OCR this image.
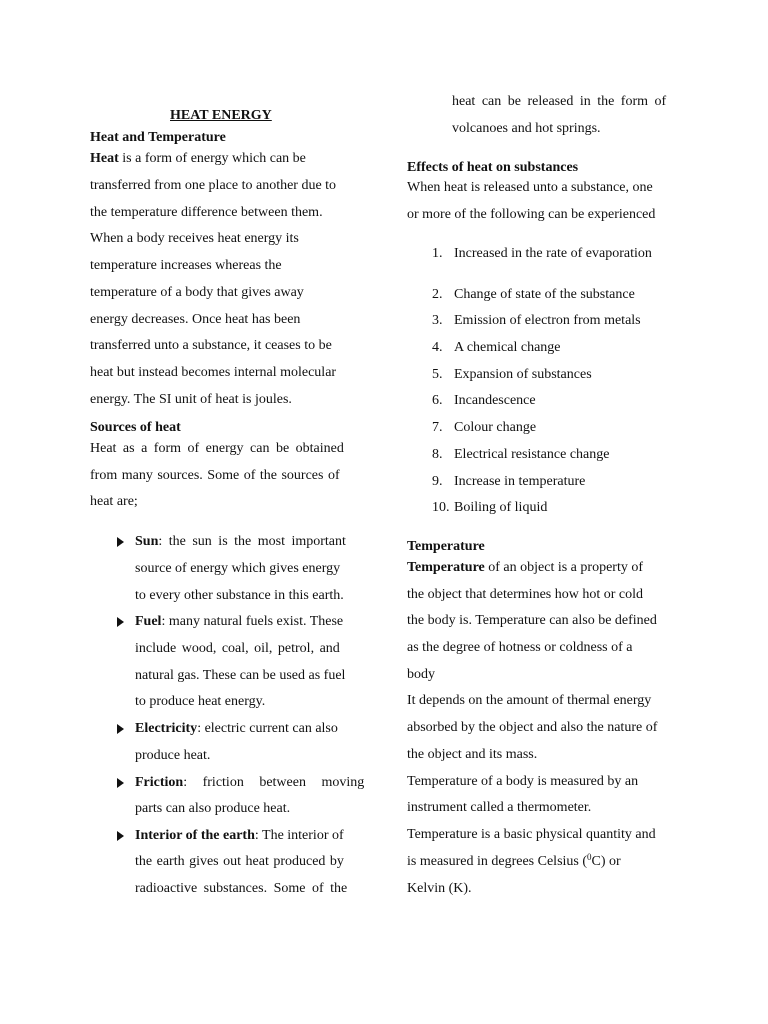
HEAT ENERGY
Heat and Temperature
Heat is a form of energy which can be
transferred from one place to another due to
the temperature difference between them.
When a body receives heat energy its
temperature increases whereas the
temperature of a body that gives away
energy decreases. Once heat has been
transferred unto a substance, it ceases to be
heat but instead becomes internal molecular
energy. The SI unit of heat is joules.
Sources of heat
Heat as a form of energy can be obtained
from many sources. Some of the sources of
heat are;
Sun: the sun is the most important
source of energy which gives energy
to every other substance in this earth.
Fuel: many natural fuels exist. These
include wood, coal, oil, petrol, and
natural gas. These can be used as fuel
to produce heat energy.
Electricity: electric current can also
produce heat.
Friction: friction between moving
parts can also produce heat.
Interior of the earth: The interior of
the earth gives out heat produced by
radioactive substances. Some of the
heat can be released in the form of
volcanoes and hot springs.
Effects of heat on substances
When heat is released unto a substance, one
or more of the following can be experienced
1. Increased in the rate of evaporation
2. Change of state of the substance
3. Emission of electron from metals
4. A chemical change
5. Expansion of substances
6. Incandescence
7. Colour change
8. Electrical resistance change
9. Increase in temperature
10. Boiling of liquid
Temperature
Temperature of an object is a property of
the object that determines how hot or cold
the body is. Temperature can also be defined
as the degree of hotness or coldness of a
body
It depends on the amount of thermal energy
absorbed by the object and also the nature of
the object and its mass.
Temperature of a body is measured by an
instrument called a thermometer.
Temperature is a basic physical quantity and
is measured in degrees Celsius ($^0$C) or
Kelvin (K).
